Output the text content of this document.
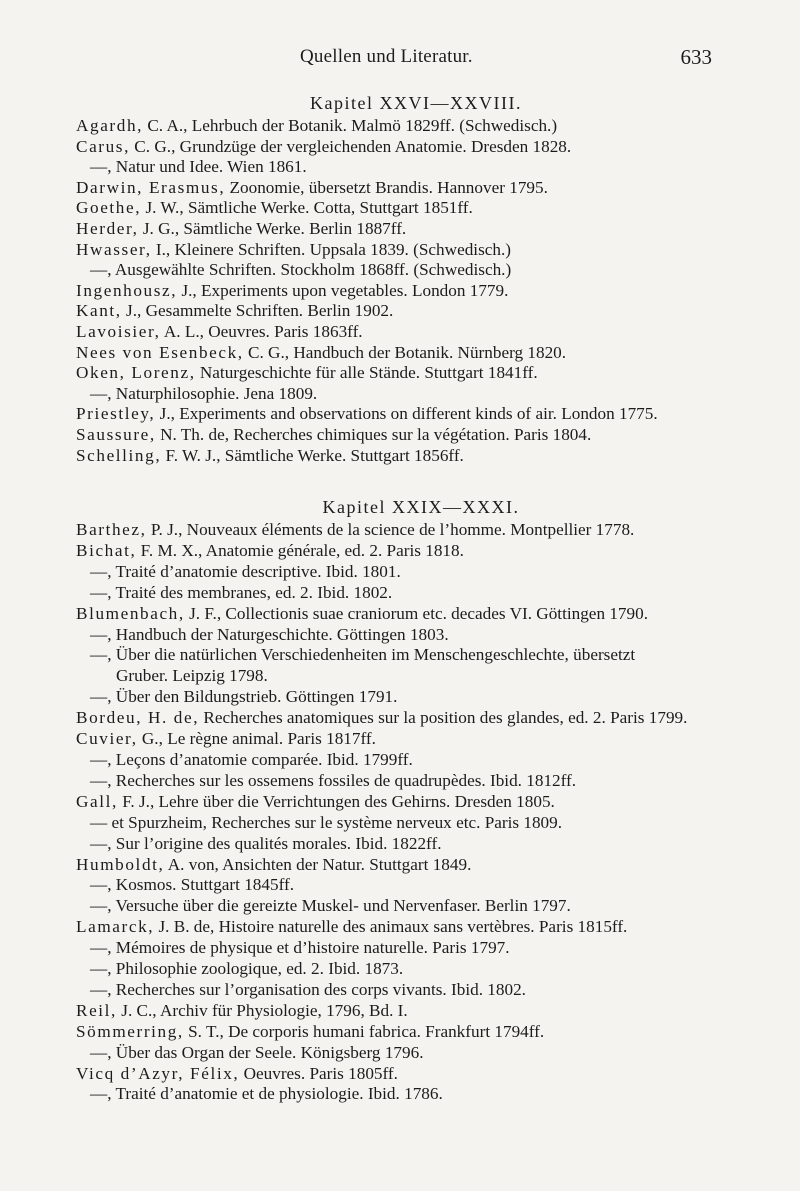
Quellen und Literatur.	633
Kapitel XXVI—XXVIII.
Agardh, C. A., Lehrbuch der Botanik. Malmö 1829ff. (Schwedisch.)
Carus, C. G., Grundzüge der vergleichenden Anatomie. Dresden 1828.
—, Natur und Idee. Wien 1861.
Darwin, Erasmus, Zoonomie, übersetzt Brandis. Hannover 1795.
Goethe, J. W., Sämtliche Werke. Cotta, Stuttgart 1851ff.
Herder, J. G., Sämtliche Werke. Berlin 1887ff.
Hwasser, I., Kleinere Schriften. Uppsala 1839. (Schwedisch.)
—, Ausgewählte Schriften. Stockholm 1868ff. (Schwedisch.)
Ingenhousz, J., Experiments upon vegetables. London 1779.
Kant, J., Gesammelte Schriften. Berlin 1902.
Lavoisier, A. L., Oeuvres. Paris 1863ff.
Nees von Esenbeck, C. G., Handbuch der Botanik. Nürnberg 1820.
Oken, Lorenz, Naturgeschichte für alle Stände. Stuttgart 1841ff.
—, Naturphilosophie. Jena 1809.
Priestley, J., Experiments and observations on different kinds of air. London 1775.
Saussure, N. Th. de, Recherches chimiques sur la végétation. Paris 1804.
Schelling, F. W. J., Sämtliche Werke. Stuttgart 1856ff.
Kapitel XXIX—XXXI.
Barthez, P. J., Nouveaux éléments de la science de l’homme. Montpellier 1778.
Bichat, F. M. X., Anatomie générale, ed. 2. Paris 1818.
—, Traité d’anatomie descriptive. Ibid. 1801.
—, Traité des membranes, ed. 2. Ibid. 1802.
Blumenbach, J. F., Collectionis suae craniorum etc. decades VI. Göttingen 1790.
—, Handbuch der Naturgeschichte. Göttingen 1803.
—, Über die natürlichen Verschiedenheiten im Menschengeschlechte, übersetzt
Gruber. Leipzig 1798.
—, Über den Bildungstrieb. Göttingen 1791.
Bordeu, H. de, Recherches anatomiques sur la position des glandes, ed. 2. Paris 1799.
Cuvier, G., Le règne animal. Paris 1817ff.
—, Leçons d’anatomie comparée. Ibid. 1799ff.
—, Recherches sur les ossemens fossiles de quadrupèdes. Ibid. 1812ff.
Gall, F. J., Lehre über die Verrichtungen des Gehirns. Dresden 1805.
— et Spurzheim, Recherches sur le système nerveux etc. Paris 1809.
—, Sur l’origine des qualités morales. Ibid. 1822ff.
Humboldt, A. von, Ansichten der Natur. Stuttgart 1849.
—, Kosmos. Stuttgart 1845ff.
—, Versuche über die gereizte Muskel- und Nervenfaser. Berlin 1797.
Lamarck, J. B. de, Histoire naturelle des animaux sans vertèbres. Paris 1815ff.
—, Mémoires de physique et d’histoire naturelle. Paris 1797.
—, Philosophie zoologique, ed. 2. Ibid. 1873.
—, Recherches sur l’organisation des corps vivants. Ibid. 1802.
Reil, J. C., Archiv für Physiologie, 1796, Bd. I.
Sömmerring, S. T., De corporis humani fabrica. Frankfurt 1794ff.
—, Über das Organ der Seele. Königsberg 1796.
Vicq d’Azyr, Félix, Oeuvres. Paris 1805ff.
—, Traité d’anatomie et de physiologie. Ibid. 1786.
